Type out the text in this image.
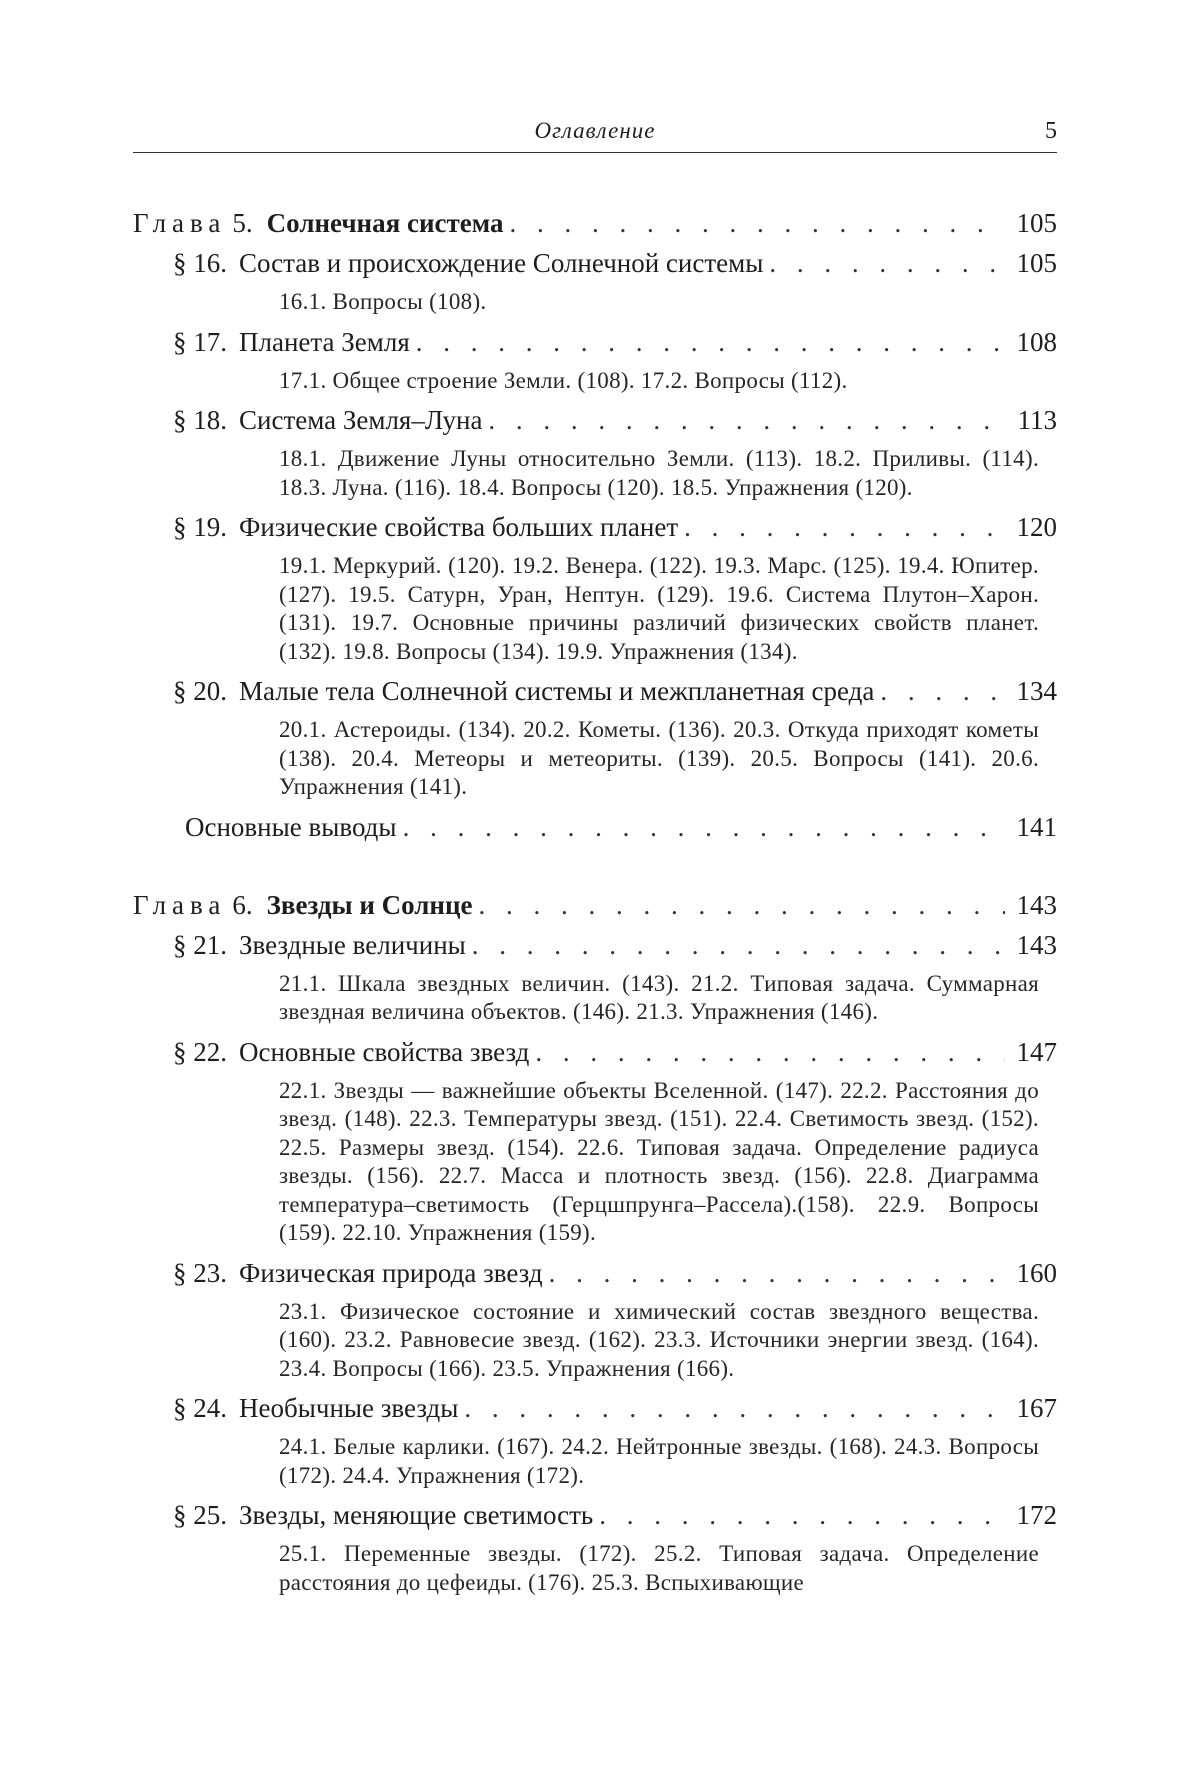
Оглавление	5
Глава 5. Солнечная система . . .	105
§ 16. Состав и происхождение Солнечной системы . . .	105
16.1. Вопросы (108).
§ 17. Планета Земля . . .	108
17.1. Общее строение Земли. (108). 17.2. Вопросы (112).
§ 18. Система Земля–Луна . . .	113
18.1. Движение Луны относительно Земли. (113). 18.2. Приливы. (114). 18.3. Луна. (116). 18.4. Вопросы (120). 18.5. Упражнения (120).
§ 19. Физические свойства больших планет . . .	120
19.1. Меркурий. (120). 19.2. Венера. (122). 19.3. Марс. (125). 19.4. Юпитер. (127). 19.5. Сатурн, Уран, Нептун. (129). 19.6. Система Плутон–Харон. (131). 19.7. Основные причины различий физических свойств планет. (132). 19.8. Вопросы (134). 19.9. Упражнения (134).
§ 20. Малые тела Солнечной системы и межпланетная среда . . .	134
20.1. Астероиды. (134). 20.2. Кометы. (136). 20.3. Откуда приходят кометы (138). 20.4. Метеоры и метеориты. (139). 20.5. Вопросы (141). 20.6. Упражнения (141).
Основные выводы . . .	141
Глава 6. Звезды и Солнце . . .	143
§ 21. Звездные величины . . .	143
21.1. Шкала звездных величин. (143). 21.2. Типовая задача. Суммарная звездная величина объектов. (146). 21.3. Упражнения (146).
§ 22. Основные свойства звезд . . .	147
22.1. Звезды — важнейшие объекты Вселенной. (147). 22.2. Расстояния до звезд. (148). 22.3. Температуры звезд. (151). 22.4. Светимость звезд. (152). 22.5. Размеры звезд. (154). 22.6. Типовая задача. Определение радиуса звезды. (156). 22.7. Масса и плотность звезд. (156). 22.8. Диаграмма температура–светимость (Герцшпрунга–Рассела).(158). 22.9. Вопросы (159). 22.10. Упражнения (159).
§ 23. Физическая природа звезд . . .	160
23.1. Физическое состояние и химический состав звездного вещества. (160). 23.2. Равновесие звезд. (162). 23.3. Источники энергии звезд. (164). 23.4. Вопросы (166). 23.5. Упражнения (166).
§ 24. Необычные звезды . . .	167
24.1. Белые карлики. (167). 24.2. Нейтронные звезды. (168). 24.3. Вопросы (172). 24.4. Упражнения (172).
§ 25. Звезды, меняющие светимость . . .	172
25.1. Переменные звезды. (172). 25.2. Типовая задача. Определение расстояния до цефеиды. (176). 25.3. Вспыхивающие
